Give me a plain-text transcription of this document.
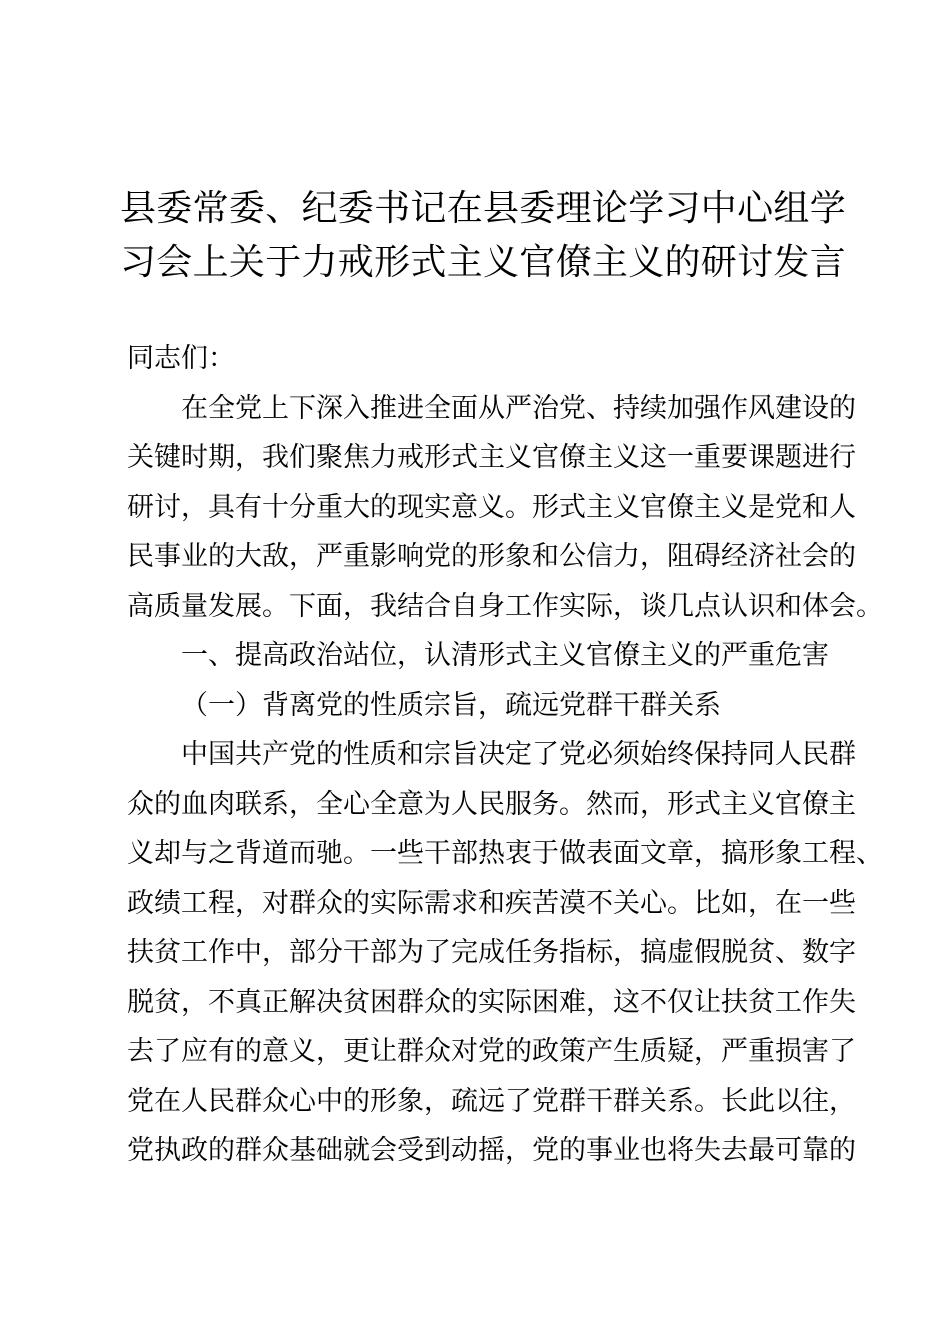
县委常委、纪委书记在县委理论学习中心组学
习会上关于力戒形式主义官僚主义的研讨发言
同志们：
在全党上下深入推进全面从严治党、持续加强作风建设的
关键时期，我们聚焦力戒形式主义官僚主义这一重要课题进行
研讨，具有十分重大的现实意义。形式主义官僚主义是党和人
民事业的大敌，严重影响党的形象和公信力，阻碍经济社会的
高质量发展。下面，我结合自身工作实际，谈几点认识和体会。
一、提高政治站位，认清形式主义官僚主义的严重危害
（一）背离党的性质宗旨，疏远党群干群关系
中国共产党的性质和宗旨决定了党必须始终保持同人民群
众的血肉联系，全心全意为人民服务。然而，形式主义官僚主
义却与之背道而驰。一些干部热衷于做表面文章，搞形象工程、
政绩工程，对群众的实际需求和疾苦漠不关心。比如，在一些
扶贫工作中，部分干部为了完成任务指标，搞虚假脱贫、数字
脱贫，不真正解决贫困群众的实际困难，这不仅让扶贫工作失
去了应有的意义，更让群众对党的政策产生质疑，严重损害了
党在人民群众心中的形象，疏远了党群干群关系。长此以往，
党执政的群众基础就会受到动摇，党的事业也将失去最可靠的
